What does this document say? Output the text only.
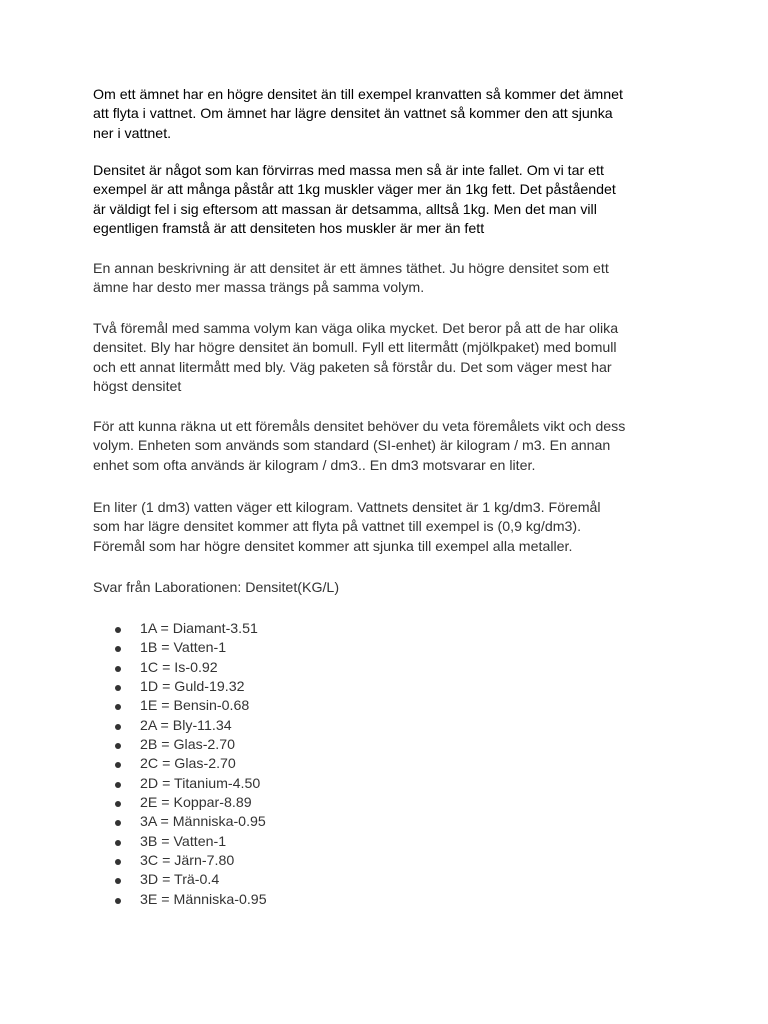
Om ett ämnet har en högre densitet än till exempel kranvatten så kommer det ämnet
att flyta i vattnet. Om ämnet har lägre densitet än vattnet så kommer den att sjunka
ner i vattnet.
Densitet är något som kan förvirras med massa men så är inte fallet. Om vi tar ett
exempel är att många påstår att 1kg muskler väger mer än 1kg fett. Det påståendet
är väldigt fel i sig eftersom att massan är detsamma, alltså 1kg. Men det man vill
egentligen framstå är att densiteten hos muskler är mer än fett
En annan beskrivning är att densitet är ett ämnes täthet. Ju högre densitet som ett
ämne har desto mer massa trängs på samma volym.
Två föremål med samma volym kan väga olika mycket. Det beror på att de har olika
densitet. Bly har högre densitet än bomull. Fyll ett litermått (mjölkpaket) med bomull
och ett annat litermått med bly. Väg paketen så förstår du. Det som väger mest har
högst densitet
För att kunna räkna ut ett föremåls densitet behöver du veta föremålets vikt och dess
volym. Enheten som används som standard (SI-enhet) är kilogram / m3. En annan
enhet som ofta används är kilogram / dm3.. En dm3 motsvarar en liter.
En liter (1 dm3) vatten väger ett kilogram. Vattnets densitet är 1 kg/dm3. Föremål
som har lägre densitet kommer att flyta på vattnet till exempel is (0,9 kg/dm3).
Föremål som har högre densitet kommer att sjunka till exempel alla metaller.
Svar från Laborationen: Densitet(KG/L)
1A = Diamant-3.51
1B = Vatten-1
1C = Is-0.92
1D = Guld-19.32
1E = Bensin-0.68
2A = Bly-11.34
2B = Glas-2.70
2C = Glas-2.70
2D = Titanium-4.50
2E = Koppar-8.89
3A = Människa-0.95
3B = Vatten-1
3C = Järn-7.80
3D = Trä-0.4
3E = Människa-0.95
